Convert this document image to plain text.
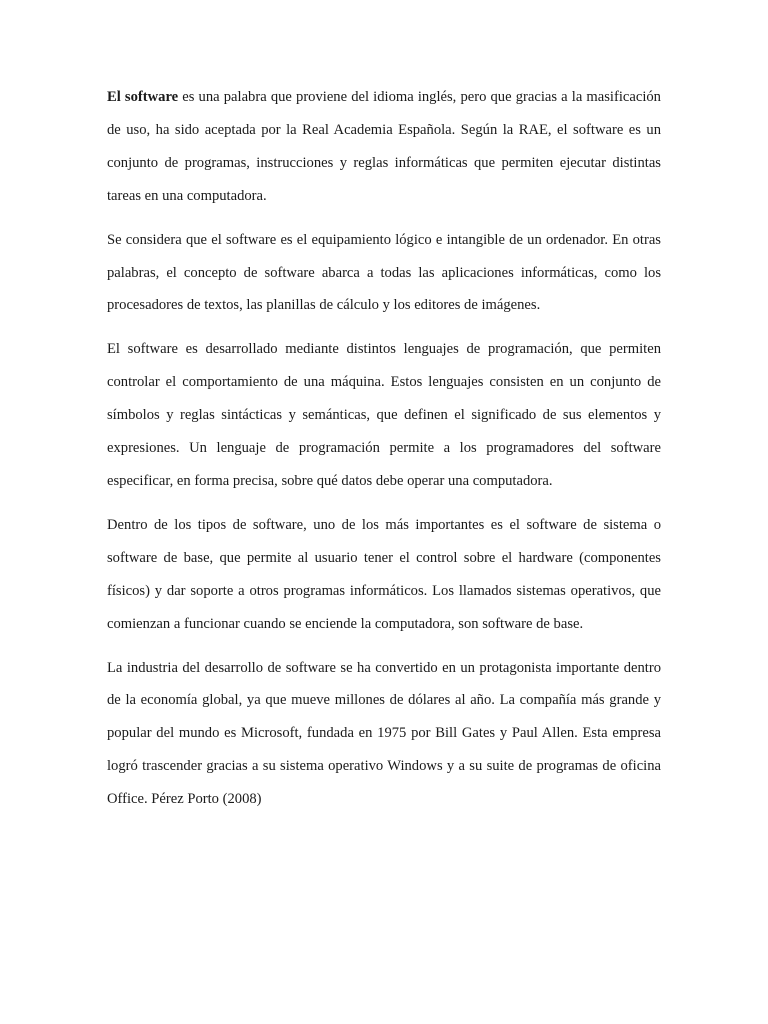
El software es una palabra que proviene del idioma inglés, pero que gracias a la masificación de uso, ha sido aceptada por la Real Academia Española. Según la RAE, el software es un conjunto de programas, instrucciones y reglas informáticas que permiten ejecutar distintas tareas en una computadora.

Se considera que el software es el equipamiento lógico e intangible de un ordenador. En otras palabras, el concepto de software abarca a todas las aplicaciones informáticas, como los procesadores de textos, las planillas de cálculo y los editores de imágenes.

El software es desarrollado mediante distintos lenguajes de programación, que permiten controlar el comportamiento de una máquina. Estos lenguajes consisten en un conjunto de símbolos y reglas sintácticas y semánticas, que definen el significado de sus elementos y expresiones. Un lenguaje de programación permite a los programadores del software especificar, en forma precisa, sobre qué datos debe operar una computadora.

Dentro de los tipos de software, uno de los más importantes es el software de sistema o software de base, que permite al usuario tener el control sobre el hardware (componentes físicos) y dar soporte a otros programas informáticos. Los llamados sistemas operativos, que comienzan a funcionar cuando se enciende la computadora, son software de base.

La industria del desarrollo de software se ha convertido en un protagonista importante dentro de la economía global, ya que mueve millones de dólares al año. La compañía más grande y popular del mundo es Microsoft, fundada en 1975 por Bill Gates y Paul Allen. Esta empresa logró trascender gracias a su sistema operativo Windows y a su suite de programas de oficina Office. Pérez Porto (2008)
